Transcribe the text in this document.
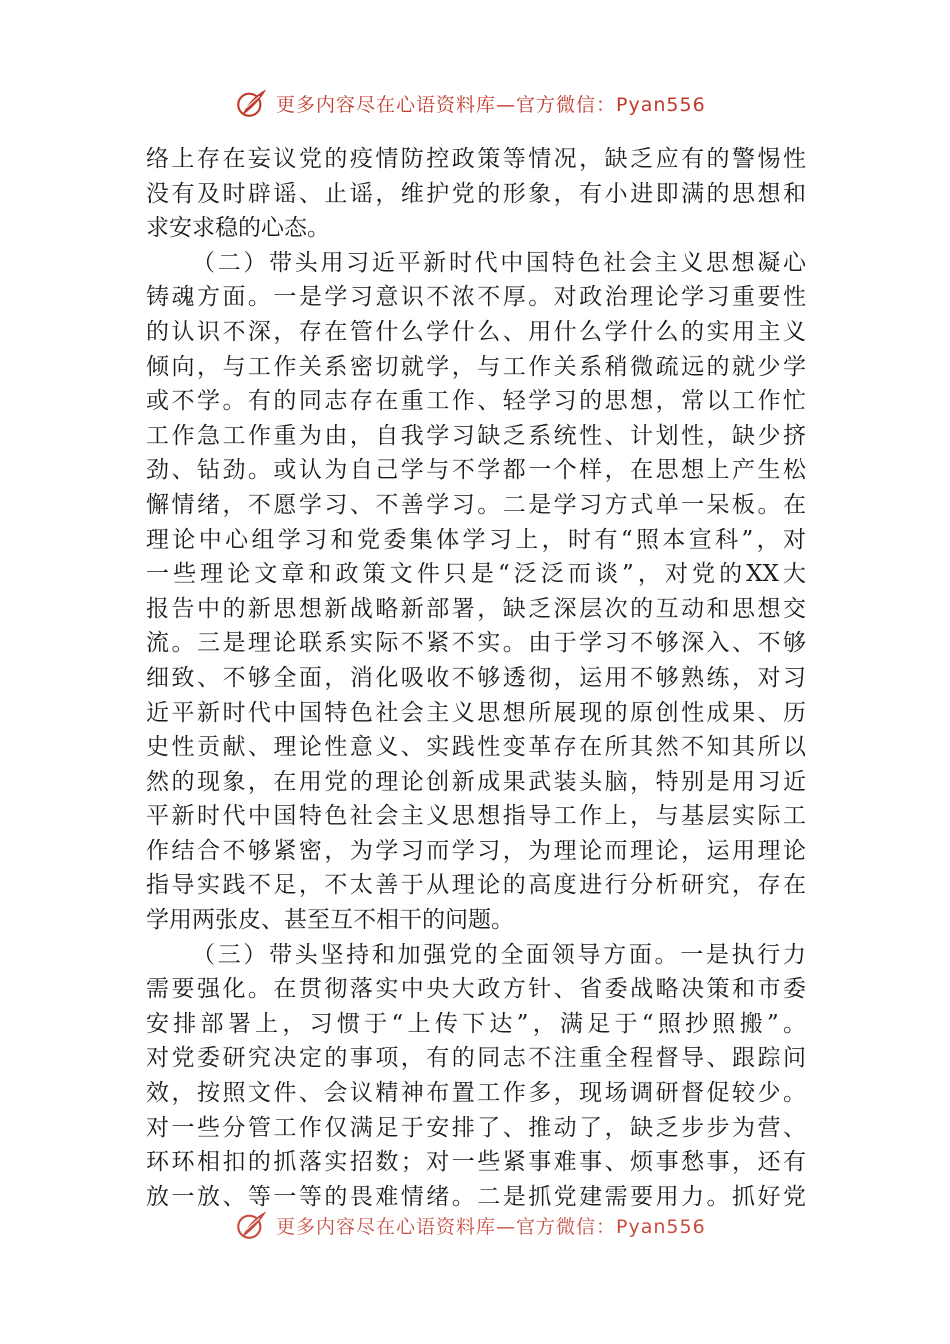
更多内容尽在心语资料库—官方微信：Pyan556
络上存在妄议党的疫情防控政策等情况，缺乏应有的警惕性
没有及时辟谣、止谣，维护党的形象，有小进即满的思想和
求安求稳的心态。
（二）带头用习近平新时代中国特色社会主义思想凝心
铸魂方面。一是学习意识不浓不厚。对政治理论学习重要性
的认识不深，存在管什么学什么、用什么学什么的实用主义
倾向，与工作关系密切就学，与工作关系稍微疏远的就少学
或不学。有的同志存在重工作、轻学习的思想，常以工作忙
工作急工作重为由，自我学习缺乏系统性、计划性，缺少挤
劲、钻劲。或认为自己学与不学都一个样，在思想上产生松
懈情绪，不愿学习、不善学习。二是学习方式单一呆板。在
理论中心组学习和党委集体学习上，时有“照本宣科”，对
一些理论文章和政策文件只是“泛泛而谈”，对党的XX大
报告中的新思想新战略新部署，缺乏深层次的互动和思想交
流。三是理论联系实际不紧不实。由于学习不够深入、不够
细致、不够全面，消化吸收不够透彻，运用不够熟练，对习
近平新时代中国特色社会主义思想所展现的原创性成果、历
史性贡献、理论性意义、实践性变革存在所其然不知其所以
然的现象，在用党的理论创新成果武装头脑，特别是用习近
平新时代中国特色社会主义思想指导工作上，与基层实际工
作结合不够紧密，为学习而学习，为理论而理论，运用理论
指导实践不足，不太善于从理论的高度进行分析研究，存在
学用两张皮、甚至互不相干的问题。
（三）带头坚持和加强党的全面领导方面。一是执行力
需要强化。在贯彻落实中央大政方针、省委战略决策和市委
安排部署上，习惯于“上传下达”，满足于“照抄照搬”。
对党委研究决定的事项，有的同志不注重全程督导、跟踪问
效，按照文件、会议精神布置工作多，现场调研督促较少。
对一些分管工作仅满足于安排了、推动了，缺乏步步为营、
环环相扣的抓落实招数；对一些紧事难事、烦事愁事，还有
放一放、等一等的畏难情绪。二是抓党建需要用力。抓好党
更多内容尽在心语资料库—官方微信：Pyan556
